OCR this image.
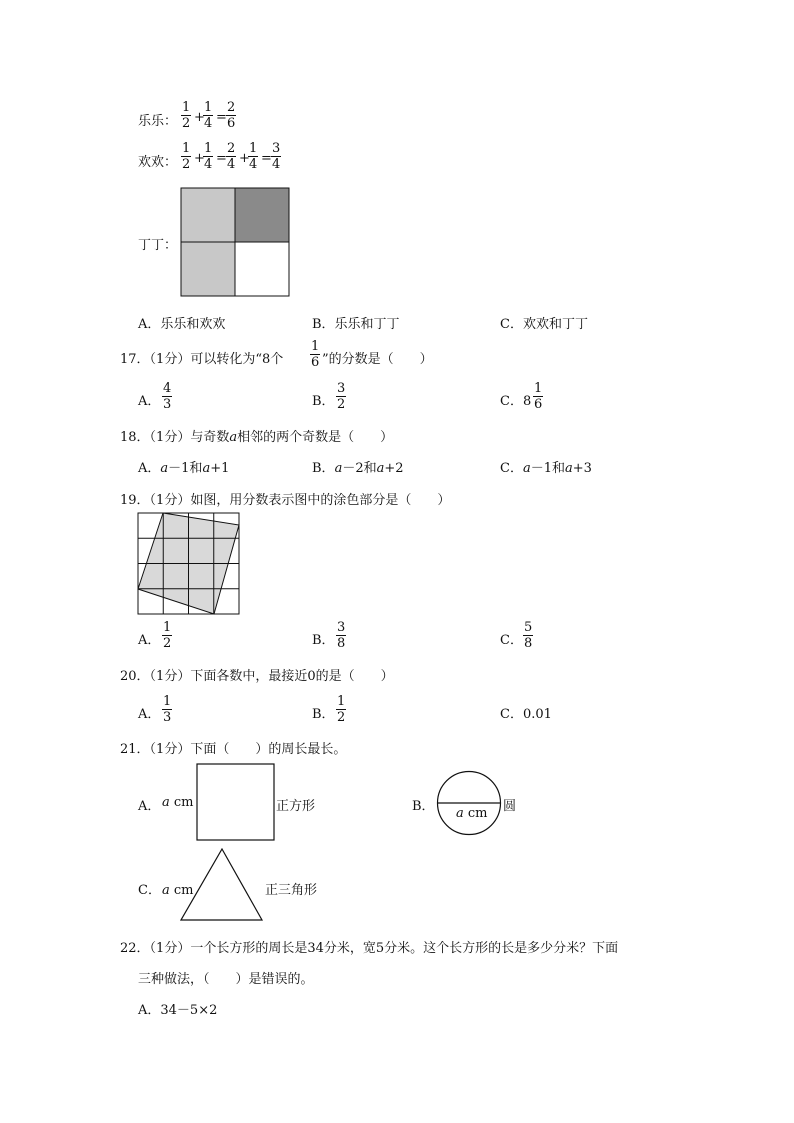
乐乐： $\frac{1}{2}$ +
$\frac{1}{4} = \frac{2}{6}$
欢欢： $\frac{1}{2}$ +
$\frac{1}{4} = \frac{2}{4}$ +
$\frac{1}{4} = \frac{3}{4}$
丁丁：
A．乐乐和欢欢	B．乐乐和丁丁	C．欢欢和丁丁
17．（1分）可以转化为“8个 $\frac{1}{6}$ ”的分数是（　　）
A． $\frac{4}{3}$	B． $\frac{3}{2}$	C．$8 \frac{1}{6}$
18．（1分）与奇数a相邻的两个奇数是（　　）
A．a－1和a+1	B．a－2和a+2	C．a－1和a+3
19．（1分）如图，用分数表示图中的涂色部分是（　　）
A． $\frac{1}{2}$	B． $\frac{3}{8}$	C． $\frac{5}{8}$
20．（1分）下面各数中，最接近0的是（　　）
A． $\frac{1}{3}$	B． $\frac{1}{2}$	C．0.01
21．（1分）下面（　　）的周长最长。
A． a cm	正方形	B． a cm 圆
C． a cm	正三角形
22．（1分）一个长方形的周长是34分米，宽5分米。这个长方形的长是多少分米？下面
三种做法，（　　）是错误的。
A．34－5×2
